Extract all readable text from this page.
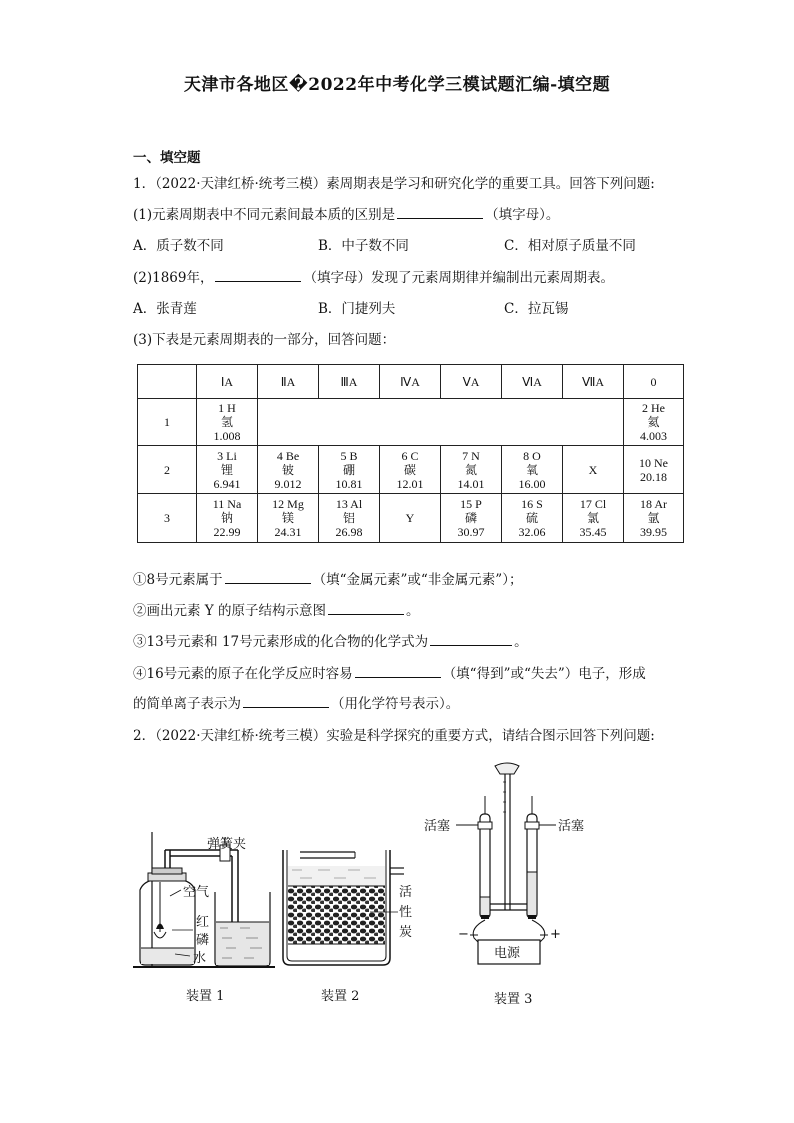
天津市各地区�2022年中考化学三模试题汇编-填空题
一、填空题
1．（2022·天津红桥·统考三模）素周期表是学习和研究化学的重要工具。回答下列问题:
(1)元素周期表中不同元素间最本质的区别是	（填字母）。
A．质子数不同	B．中子数不同	C．相对原子质量不同
(2)1869年，	（填字母）发现了元素周期律并编制出元素周期表。
A．张青莲	B．门捷列夫	C．拉瓦锡
(3)下表是元素周期表的一部分，回答问题：
	ⅠA	ⅡA	ⅢA	ⅣA	ⅤA	ⅥA	ⅦA	0
1	1 H
氢
1.008							2 He
氦
4.003

2	3 Li
锂
6.941	4 Be
铍
9.012	5 B
硼
10.81	6 C
碳
12.01	7 N
氮
14.01	8 O
氧
16.00	X	10 Ne
20.18

3	11 Na
钠
22.99	12 Mg
镁
24.31	13 Al
铝
26.98	Y	15 P
磷
30.97	16 S
硫
32.06	17 Cl
氯
35.45	18 Ar
氩
39.95
①8号元素属于	（填“金属元素”或“非金属元素”）；
②画出元素 Y 的原子结构示意图	。
③13号元素和 17号元素形成的化合物的化学式为	。
④16号元素的原子在化学反应时容易	（填“得到”或“失去”）电子，形成
的简单离子表示为	（用化学符号表示）。
2．（2022·天津红桥·统考三模）实验是科学探究的重要方式，请结合图示回答下列问题:
弹簧夹
空气
红
磷
水
活
性
炭
活塞	活塞
电源
−	+
装置 1	装置 2	装置 3
